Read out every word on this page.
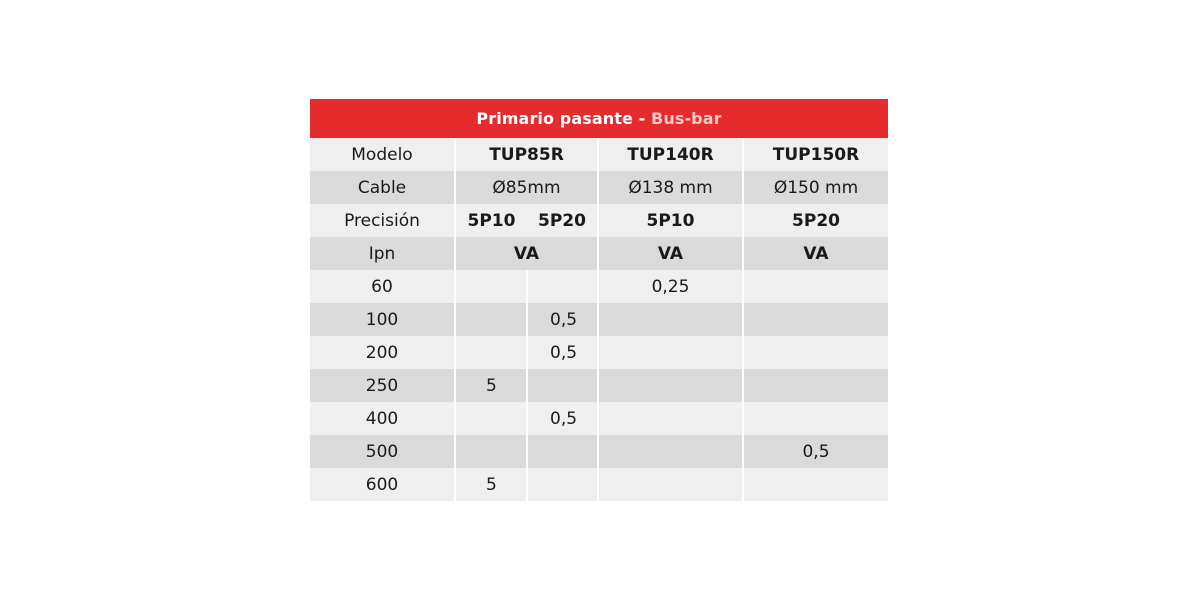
Primario pasante - Bus-bar				
Modelo	TUP85R		TUP140R	TUP150R
Cable	Ø85mm		Ø138 mm	Ø150 mm
Precisión	5P10	5P20	5P10	5P20
Ipn	VA		VA	VA
60			0,25	
100		0,5		
200		0,5		
250	5			
400		0,5		
500				0,5
600	5			
